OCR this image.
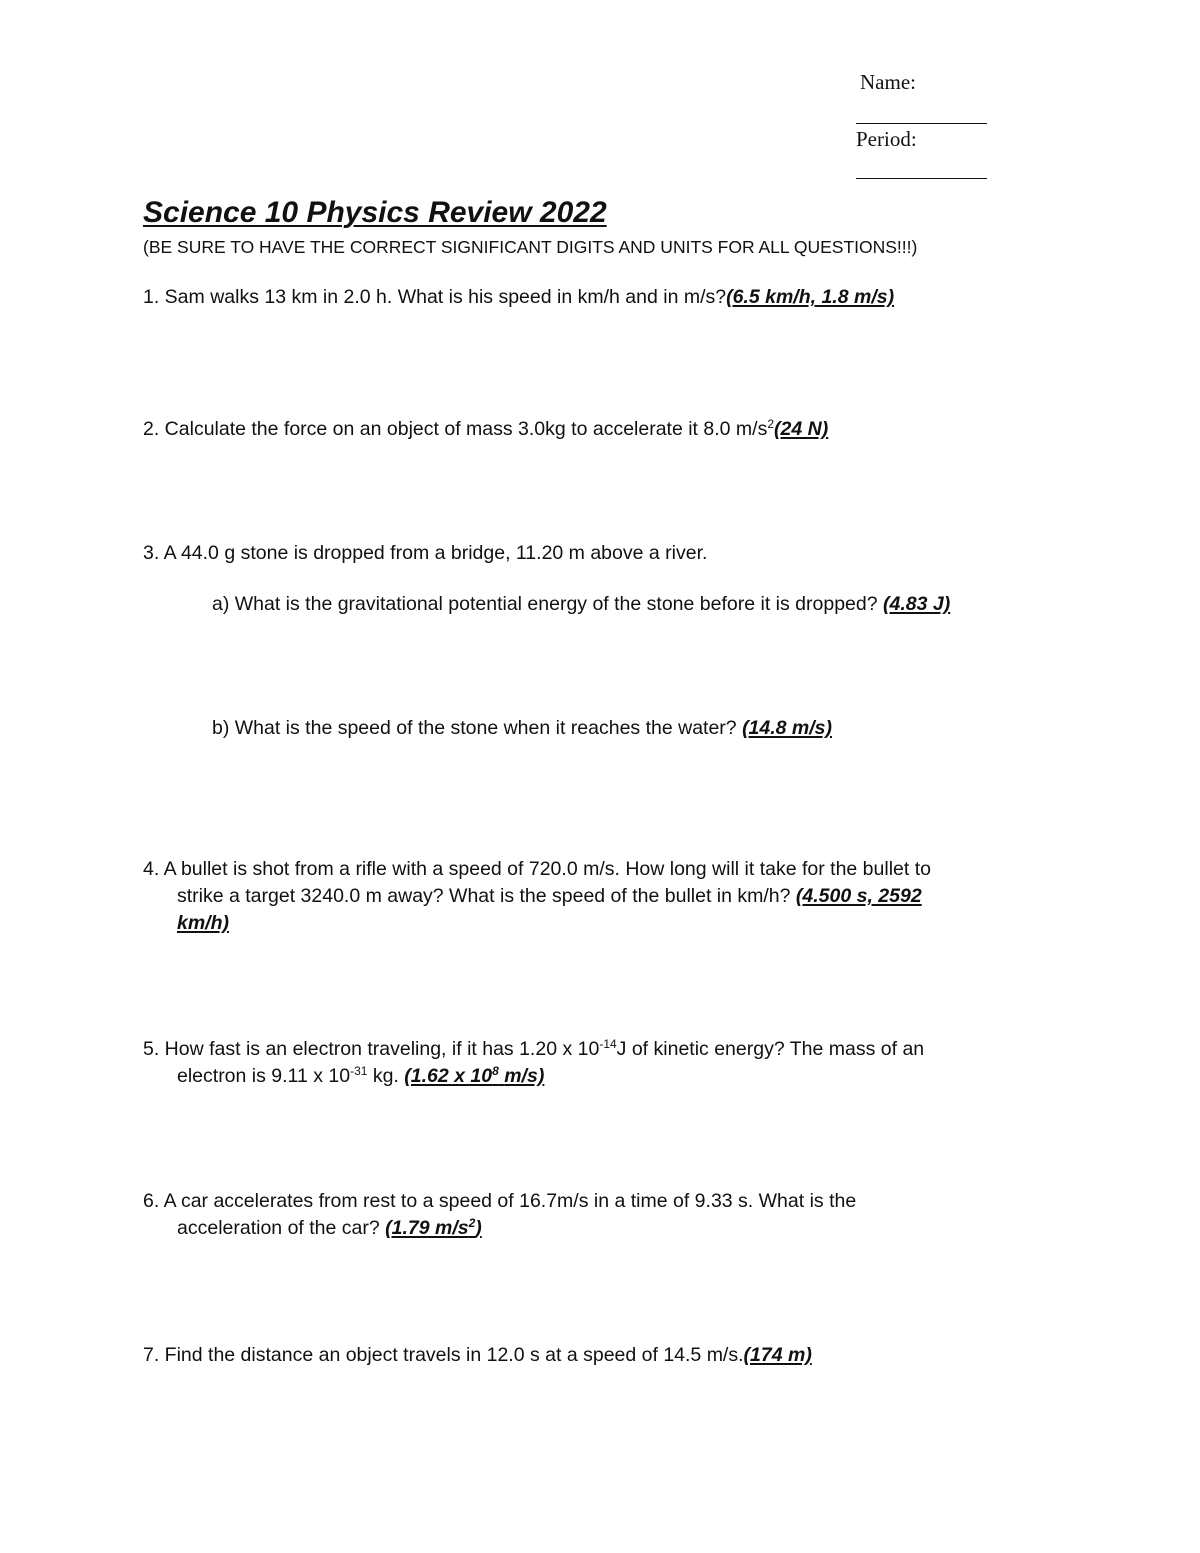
Name:
Period:
Science 10 Physics Review 2022
(BE SURE TO HAVE THE CORRECT SIGNIFICANT DIGITS AND UNITS FOR ALL QUESTIONS!!!)
1. Sam walks 13 km in 2.0 h. What is his speed in km/h and in m/s?(6.5 km/h, 1.8 m/s)
2. Calculate the force on an object of mass 3.0kg to accelerate it 8.0 $m/s^2(24$ N)
3. A 44.0 g stone is dropped from a bridge, 11.20 m above a river.
a) What is the gravitational potential energy of the stone before it is dropped? (4.83 J)
b) What is the speed of the stone when it reaches the water? (14.8 m/s)
4. A bullet is shot from a rifle with a speed of 720.0 m/s. How long will it take for the bullet to
strike a target 3240.0 m away? What is the speed of the bullet in km/h? (4.500 s, 2592
km/h)
5. How fast is an electron traveling, if it has 1.20 x $10^{-14}J$ of kinetic energy? The mass of an
electron is 9.11 x $10^{-31}$ kg. (1.62 x $10^8$ m/s)
6. A car accelerates from rest to a speed of 16.7m/s in a time of 9.33 s. What is the
acceleration of the car? (1.79 $m/s^2$)
7. Find the distance an object travels in 12.0 s at a speed of 14.5 m/s.(174 m)
